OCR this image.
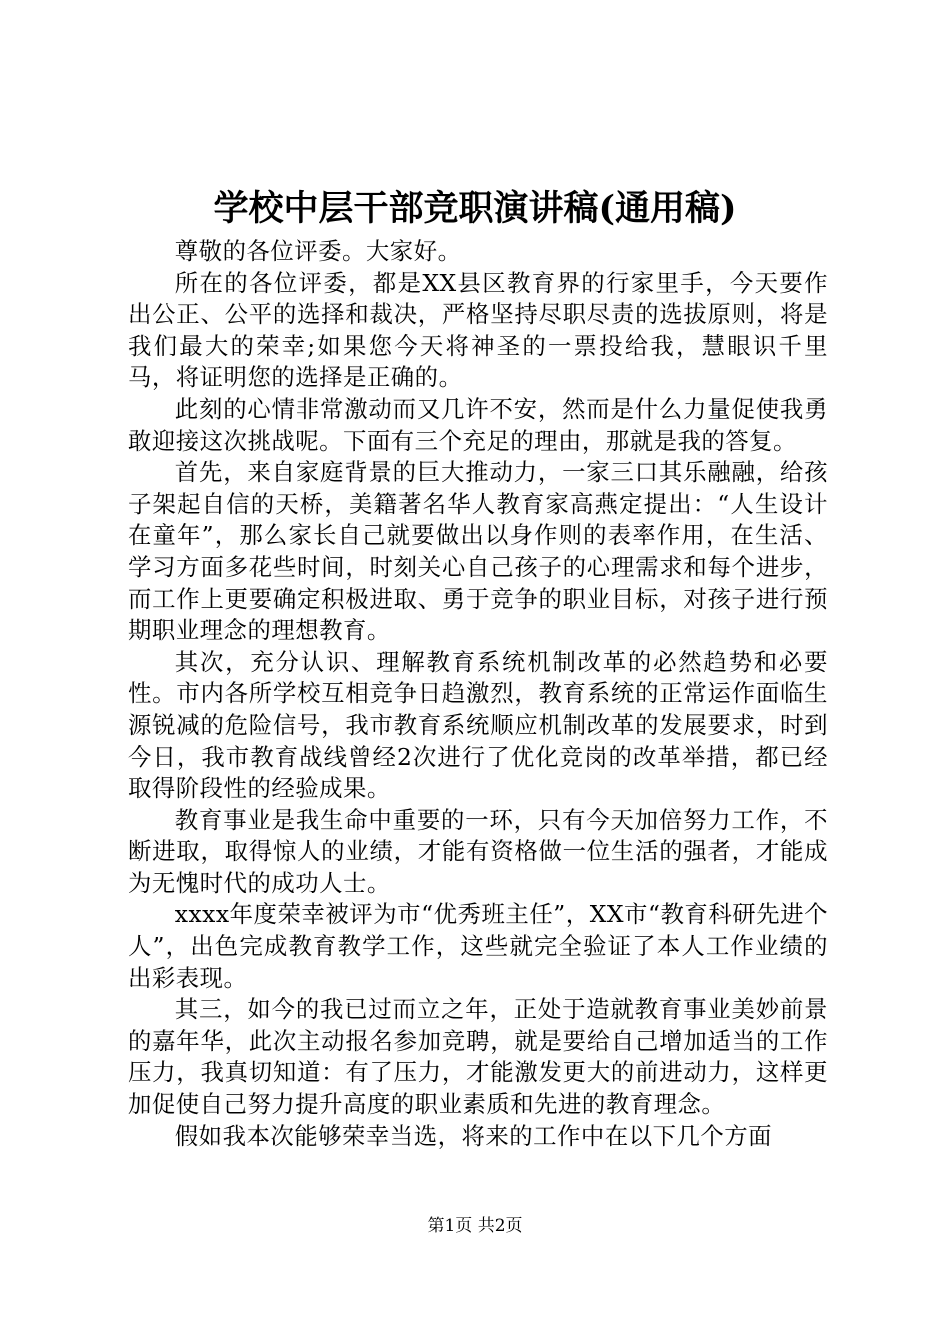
学校中层干部竞职演讲稿(通用稿)

尊敬的各位评委。大家好。

所在的各位评委，都是XX县区教育界的行家里手，今天要作出公正、公平的选择和裁决，严格坚持尽职尽责的选拔原则，将是我们最大的荣幸;如果您今天将神圣的一票投给我，慧眼识千里马，将证明您的选择是正确的。

此刻的心情非常激动而又几许不安，然而是什么力量促使我勇敢迎接这次挑战呢。下面有三个充足的理由，那就是我的答复。

首先，来自家庭背景的巨大推动力，一家三口其乐融融，给孩子架起自信的天桥，美籍著名华人教育家高燕定提出：“人生设计在童年”，那么家长自己就要做出以身作则的表率作用，在生活、学习方面多花些时间，时刻关心自己孩子的心理需求和每个进步，而工作上更要确定积极进取、勇于竞争的职业目标，对孩子进行预期职业理念的理想教育。

其次，充分认识、理解教育系统机制改革的必然趋势和必要性。市内各所学校互相竞争日趋激烈，教育系统的正常运作面临生源锐减的危险信号，我市教育系统顺应机制改革的发展要求，时到今日，我市教育战线曾经2次进行了优化竞岗的改革举措，都已经取得阶段性的经验成果。

教育事业是我生命中重要的一环，只有今天加倍努力工作，不断进取，取得惊人的业绩，才能有资格做一位生活的强者，才能成为无愧时代的成功人士。

xxxx年度荣幸被评为市“优秀班主任”，XX市“教育科研先进个人”，出色完成教育教学工作，这些就完全验证了本人工作业绩的出彩表现。

其三，如今的我已过而立之年，正处于造就教育事业美妙前景的嘉年华，此次主动报名参加竞聘，就是要给自己增加适当的工作压力，我真切知道：有了压力，才能激发更大的前进动力，这样更加促使自己努力提升高度的职业素质和先进的教育理念。

假如我本次能够荣幸当选，将来的工作中在以下几个方面

第1页 共2页
